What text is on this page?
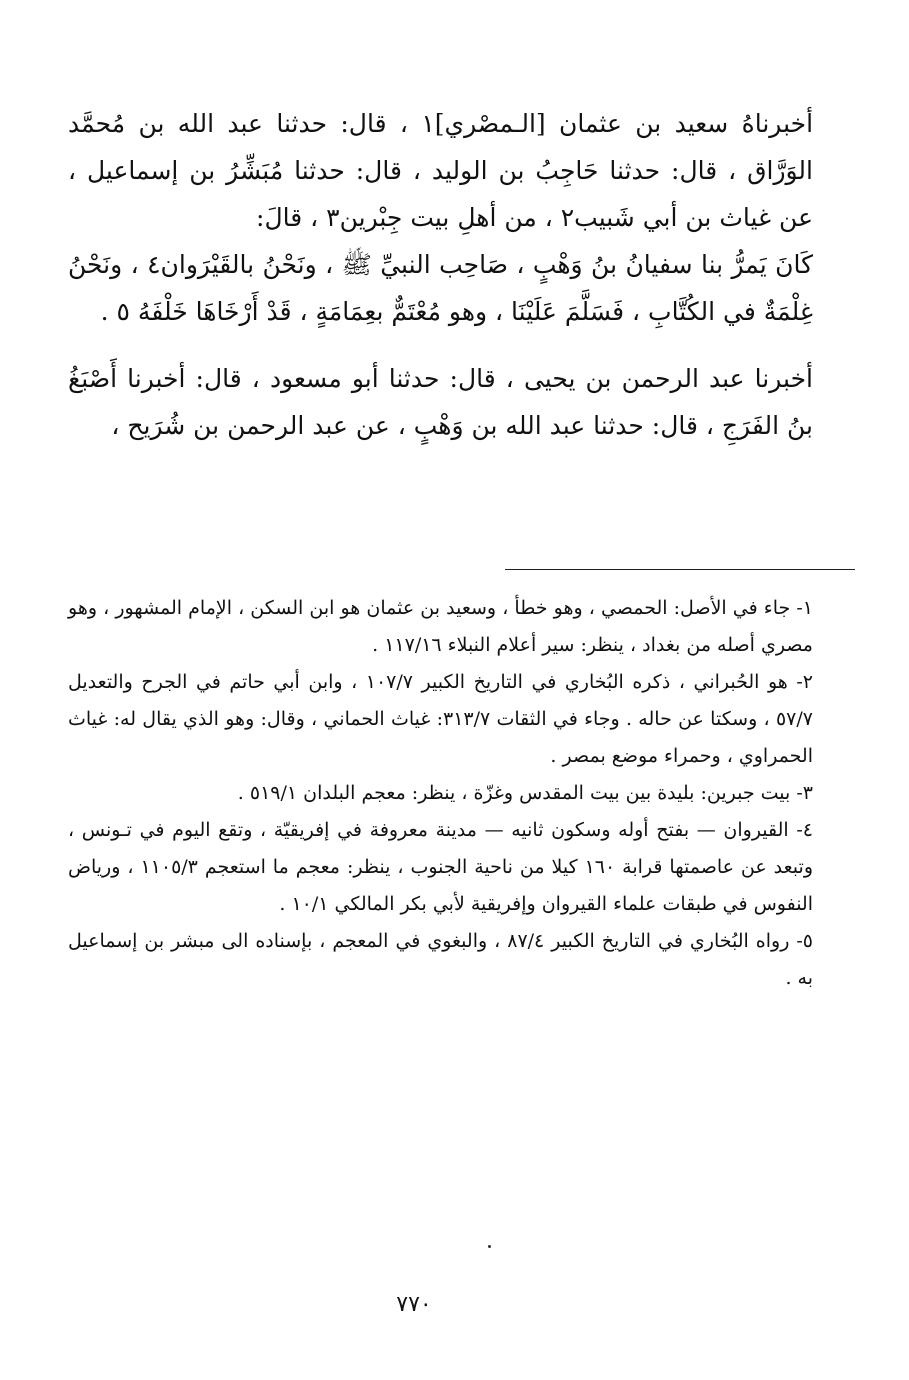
أخبرناهُ سعيد بن عثمان [الـمصْري]١ ، قال: حدثنا عبد الله بن مُحمَّد الوَرَّاق ، قال: حدثنا حَاجِبُ بن الوليد ، قال: حدثنا مُبَشِّرُ بن إسماعيل ، عن غياث بن أبي شَبيب٢ ، من أهلِ بيت جِبْرين٣ ، قالَ:

كَانَ يَمرُّ بنا سفيانُ بنُ وَهْبٍ ، صَاحِب النبيِّ ﷺ ، ونَحْنُ بالقَيْرَوان٤ ، ونَحْنُ غِلْمَةٌ في الكُتَّابِ ، فَسَلَّمَ عَلَيْنَا ، وهو مُعْتَمٌّ بعِمَامَةٍ ، قَدْ أَرْخَاهَا خَلْفَهُ ٥ .

أخبرنا عبد الرحمن بن يحيى ، قال: حدثنا أبو مسعود ، قال: أخبرنا أَصْبَغُ بنُ الفَرَجِ ، قال: حدثنا عبد الله بن وَهْبٍ ، عن عبد الرحمن بن شُرَيح ،

١- جاء في الأصل: الحمصي ، وهو خطأ ، وسعيد بن عثمان هو ابن السكن ، الإمام المشهور ، وهو مصري أصله من بغداد ، ينظر: سير أعلام النبلاء ١١٧/١٦ .

٢- هو الحُبراني ، ذكره البُخاري في التاريخ الكبير ١٠٧/٧ ، وابن أبي حاتم في الجرح والتعديل ٥٧/٧ ، وسكتا عن حاله . وجاء في الثقات ٣١٣/٧: غياث الحماني ، وقال: وهو الذي يقال له: غياث الحمراوي ، وحمراء موضع بمصر .

٣- بيت جبرين: بليدة بين بيت المقدس وغزّة ، ينظر: معجم البلدان ٥١٩/١ .

٤- القيروان — بفتح أوله وسكون ثانيه — مدينة معروفة في إفريقيّة ، وتقع اليوم في تـونس ، وتبعد عن عاصمتها قرابة ١٦٠ كيلا من ناحية الجنوب ، ينظر: معجم ما استعجم ١١٠٥/٣ ، ورياض النفوس في طبقات علماء القيروان وإفريقية لأبي بكر المالكي ١٠/١ .

٥- رواه البُخاري في التاريخ الكبير ٨٧/٤ ، والبغوي في المعجم ، بإسناده الى مبشر بن إسماعيل به .

٧٧٠
